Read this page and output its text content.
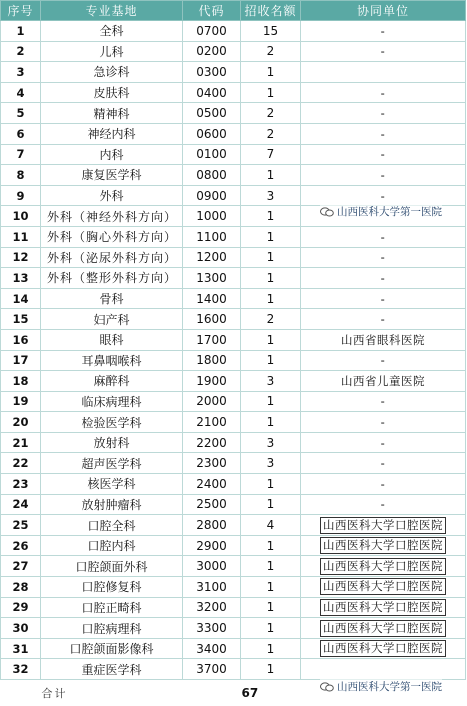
序号	专业基地	代码	招收名额	协同单位
1	全科	0700	15	-
2	儿科	0200	2	-
3	急诊科	0300	1	
4	皮肤科	0400	1	-
5	精神科	0500	2	-
6	神经内科	0600	2	-
7	内科	0100	7	-
8	康复医学科	0800	1	-
9	外科	0900	3	-
10	外科（神经外科方向）	1000	1	
11	外科（胸心外科方向）	1100	1	-
12	外科（泌尿外科方向）	1200	1	-
13	外科（整形外科方向）	1300	1	-
14	骨科	1400	1	-
15	妇产科	1600	2	-
16	眼科	1700	1	山西省眼科医院
17	耳鼻咽喉科	1800	1	-
18	麻醉科	1900	3	山西省儿童医院
19	临床病理科	2000	1	-
20	检验医学科	2100	1	-
21	放射科	2200	3	-
22	超声医学科	2300	3	-
23	核医学科	2400	1	-
24	放射肿瘤科	2500	1	-
25	口腔全科	2800	4	山西医科大学口腔医院
26	口腔内科	2900	1	山西医科大学口腔医院
27	口腔颌面外科	3000	1	山西医科大学口腔医院
28	口腔修复科	3100	1	山西医科大学口腔医院
29	口腔正畸科	3200	1	山西医科大学口腔医院
30	口腔病理科	3300	1	山西医科大学口腔医院
31	口腔颌面影像科	3400	1	山西医科大学口腔医院
32	重症医学科	3700	1	
	合计		67	
山西医科大学第一医院
山西医科大学第一医院
